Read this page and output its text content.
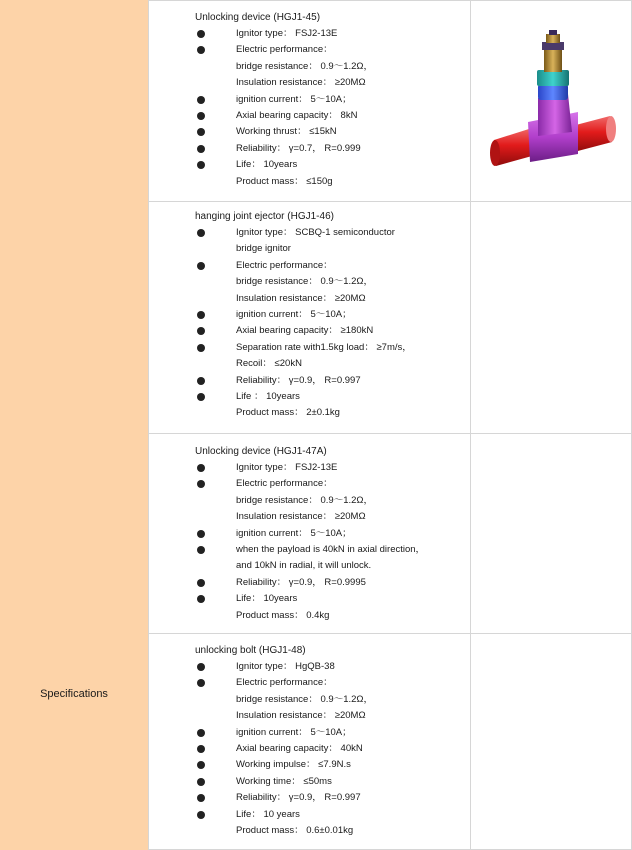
Specifications
Unlocking device (HGJ1-45)
Ignitor type： FSJ2-13E
Electric performance：
bridge resistance： 0.9～1.2Ω，
Insulation resistance： ≥20MΩ
ignition current： 5～10A；
Axial bearing capacity： 8kN
Working thrust： ≤15kN
Reliability： γ=0.7， R=0.999
Life： 10years
Product mass： ≤150g
hanging joint ejector (HGJ1-46)
Ignitor type： SCBQ-1 semiconductor
bridge ignitor
Electric performance：
bridge resistance： 0.9～1.2Ω，
Insulation resistance： ≥20MΩ
ignition current： 5～10A；
Axial bearing capacity： ≥180kN
Separation rate with1.5kg load： ≥7m/s，
Recoil： ≤20kN
Reliability： γ=0.9， R=0.997
Life ： 10years
Product mass： 2±0.1kg
Unlocking device (HGJ1-47A)
Ignitor type： FSJ2-13E
Electric performance：
bridge resistance： 0.9～1.2Ω，
Insulation resistance： ≥20MΩ
ignition current： 5～10A；
when the payload is 40kN in axial direction，
and 10kN in radial, it will unlock.
Reliability： γ=0.9， R=0.9995
Life： 10years
Product mass： 0.4kg
unlocking bolt (HGJ1-48)
Ignitor type： HgQB-38
Electric performance：
bridge resistance： 0.9～1.2Ω，
Insulation resistance： ≥20MΩ
ignition current： 5～10A；
Axial bearing capacity： 40kN
Working impulse： ≤7.9N.s
Working time： ≤50ms
Reliability： γ=0.9， R=0.997
Life： 10 years
Product mass： 0.6±0.01kg
